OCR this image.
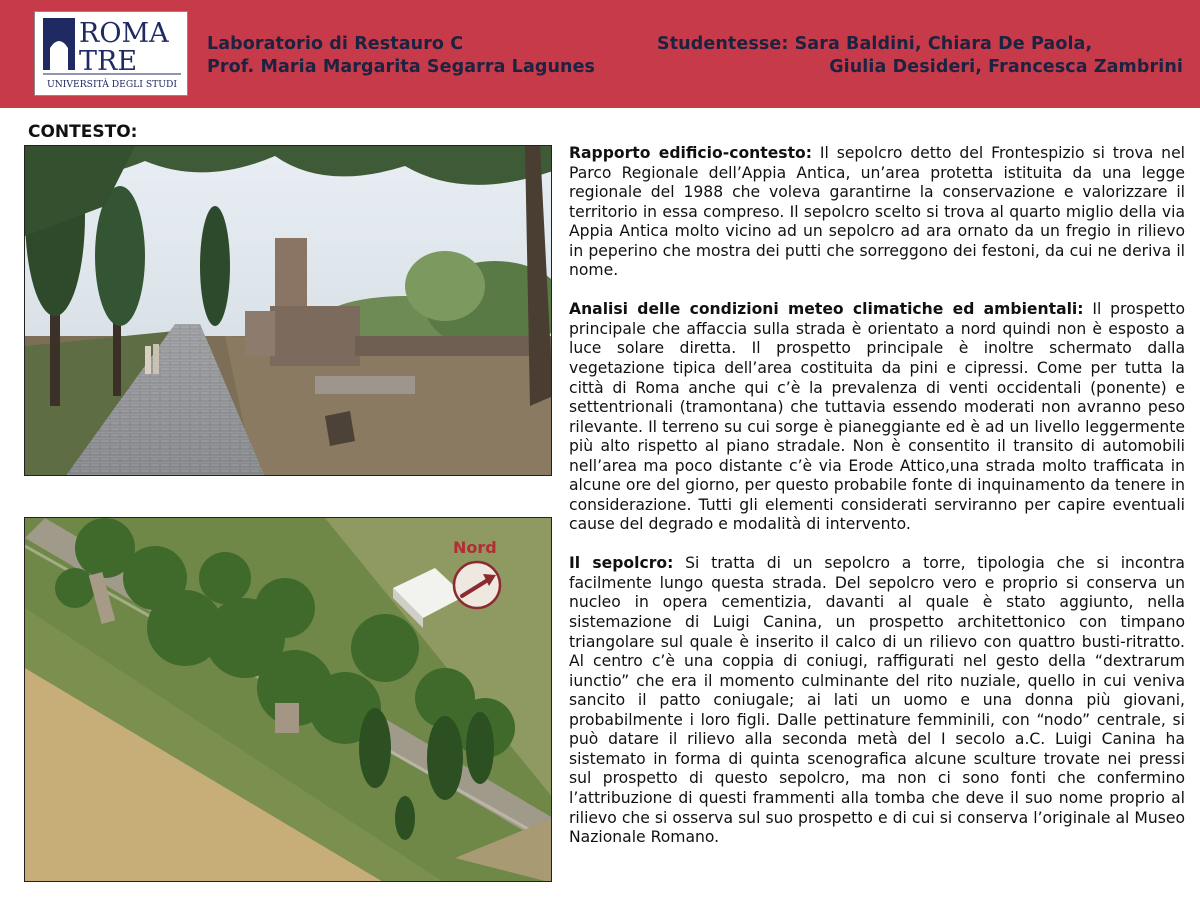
ROMA
TRE
UNIVERSITÀ DEGLI STUDI
Laboratorio di Restauro C
Prof. Maria Margarita Segarra Lagunes
Studentesse: Sara Baldini, Chiara De Paola,
Giulia Desideri, Francesca Zambrini
CONTESTO:
Nord

Rapporto edificio-contesto: Il sepolcro detto del Frontespizio si trova nel Parco Regionale dell’Appia Antica, un’area protetta istituita da una legge regionale del 1988 che voleva garantirne la conservazione e valorizzare il territorio in essa compreso. Il sepolcro scelto si trova al quarto miglio della via Appia Antica molto vicino ad un sepolcro ad ara ornato da un fregio in rilievo in peperino che mostra dei putti che sorreggono dei festoni, da cui ne deriva il nome.

Analisi delle condizioni meteo climatiche ed ambientali: Il prospetto principale che affaccia sulla strada è orientato a nord quindi non è esposto a luce solare diretta. Il prospetto principale è inoltre schermato dalla vegetazione tipica dell’area costituita da pini e cipressi. Come per tutta la città di Roma anche qui c’è la prevalenza di venti occidentali (ponente) e settentrionali (tramontana) che tuttavia essendo moderati non avranno peso rilevante. Il terreno su cui sorge è pianeggiante ed è ad un livello leggermente più alto rispetto al piano stradale. Non è consentito il transito di automobili nell’area ma poco distante c’è via Erode Attico,una strada molto trafficata in alcune ore del giorno, per questo probabile fonte di inquinamento da tenere in considerazione. Tutti gli elementi considerati serviranno per capire eventuali cause del degrado e modalità di intervento.

Il sepolcro: Si tratta di un sepolcro a torre, tipologia che si incontra facilmente lungo questa strada. Del sepolcro vero e proprio si conserva un nucleo in opera cementizia, davanti al quale è stato aggiunto, nella sistemazione di Luigi Canina, un prospetto architettonico con timpano triangolare sul quale è inserito il calco di un rilievo con quattro busti-ritratto. Al centro c’è una coppia di coniugi, raffigurati nel gesto della “dextrarum iunctio” che era il momento culminante del rito nuziale, quello in cui veniva sancito il patto coniugale; ai lati un uomo e una donna più giovani, probabilmente i loro figli. Dalle pettinature femminili, con “nodo” centrale, si può datare il rilievo alla seconda metà del I secolo a.C. Luigi Canina ha sistemato in forma di quinta scenografica alcune sculture trovate nei pressi sul prospetto di questo sepolcro, ma non ci sono fonti che confermino l’attribuzione di questi frammenti alla tomba che deve il suo nome proprio al rilievo che si osserva sul suo prospetto e di cui si conserva l’originale al Museo Nazionale Romano.
